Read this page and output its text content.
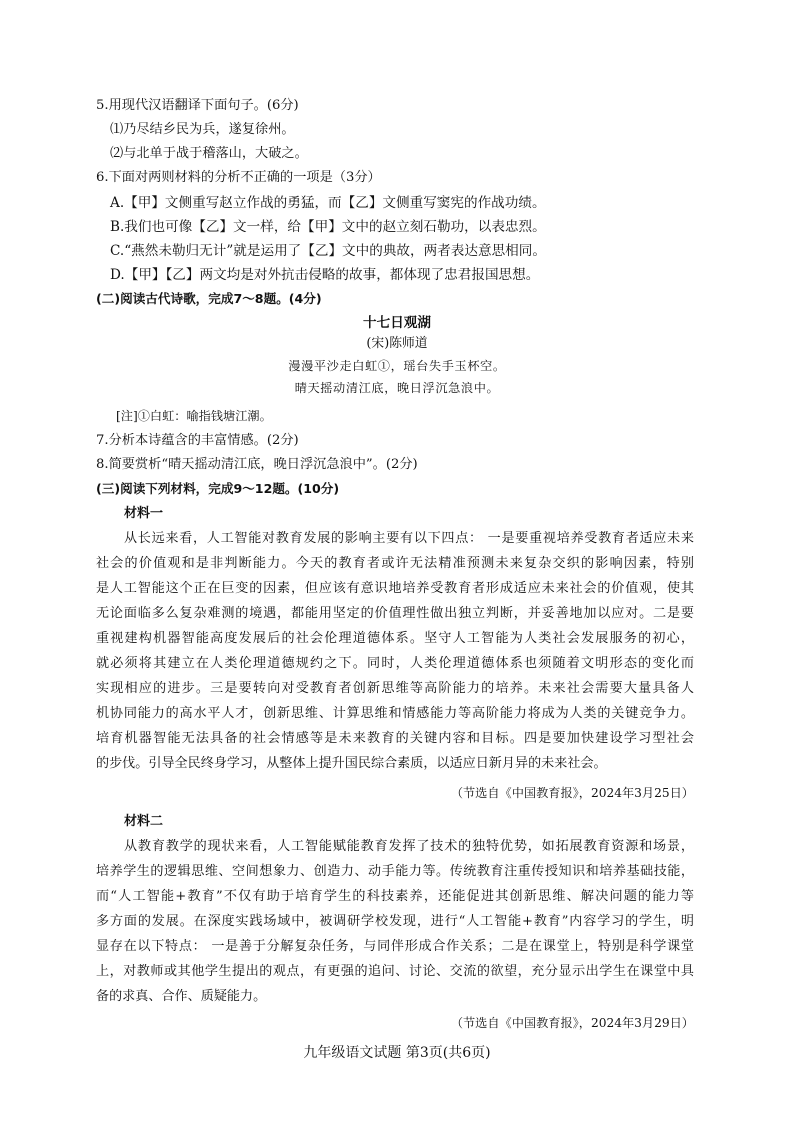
5.用现代汉语翻译下面句子。(6分)
⑴乃尽结乡民为兵，遂复徐州。
⑵与北单于战于稽落山，大破之。
6.下面对两则材料的分析不正确的一项是（3分）
A.【甲】文侧重写赵立作战的勇猛，而【乙】文侧重写窦宪的作战功绩。
B.我们也可像【乙】文一样，给【甲】文中的赵立刻石勒功，以表忠烈。
C.“燕然未勒归无计”就是运用了【乙】文中的典故，两者表达意思相同。
D.【甲】【乙】两文均是对外抗击侵略的故事，都体现了忠君报国思想。
(二)阅读古代诗歌，完成7～8题。(4分)
十七日观湖
(宋)陈师道
漫漫平沙走白虹①，瑶台失手玉杯空。
晴天摇动清江底，晚日浮沉急浪中。
[注]①白虹：喻指钱塘江潮。
7.分析本诗蕴含的丰富情感。(2分)
8.简要赏析“晴天摇动清江底，晚日浮沉急浪中”。(2分)
(三)阅读下列材料，完成9～12题。(10分)
材料一
从长远来看，人工智能对教育发展的影响主要有以下四点： 一是要重视培养受教育者适应未来
社会的价值观和是非判断能力。今天的教育者或许无法精准预测未来复杂交织的影响因素，特别
是人工智能这个正在巨变的因素，但应该有意识地培养受教育者形成适应未来社会的价值观，使其
无论面临多么复杂难测的境遇，都能用坚定的价值理性做出独立判断，并妥善地加以应对。二是要
重视建构机器智能高度发展后的社会伦理道德体系。坚守人工智能为人类社会发展服务的初心，
就必须将其建立在人类伦理道德规约之下。同时，人类伦理道德体系也须随着文明形态的变化而
实现相应的进步。三是要转向对受教育者创新思维等高阶能力的培养。未来社会需要大量具备人
机协同能力的高水平人才，创新思维、计算思维和情感能力等高阶能力将成为人类的关键竞争力。
培育机器智能无法具备的社会情感等是未来教育的关键内容和目标。四是要加快建设学习型社会
的步伐。引导全民终身学习，从整体上提升国民综合素质，以适应日新月异的未来社会。
（节选自《中国教育报》，2024年3月25日）
材料二
从教育教学的现状来看，人工智能赋能教育发挥了技术的独特优势，如拓展教育资源和场景，
培养学生的逻辑思维、空间想象力、创造力、动手能力等。传统教育注重传授知识和培养基础技能，
而“人工智能+教育”不仅有助于培育学生的科技素养，还能促进其创新思维、解决问题的能力等
多方面的发展。在深度实践场域中，被调研学校发现，进行“人工智能+教育”内容学习的学生，明
显存在以下特点： 一是善于分解复杂任务，与同伴形成合作关系；二是在课堂上，特别是科学课堂
上，对教师或其他学生提出的观点，有更强的追问、讨论、交流的欲望，充分显示出学生在课堂中具
备的求真、合作、质疑能力。
（节选自《中国教育报》，2024年3月29日）
九年级语文试题 第3页(共6页)
